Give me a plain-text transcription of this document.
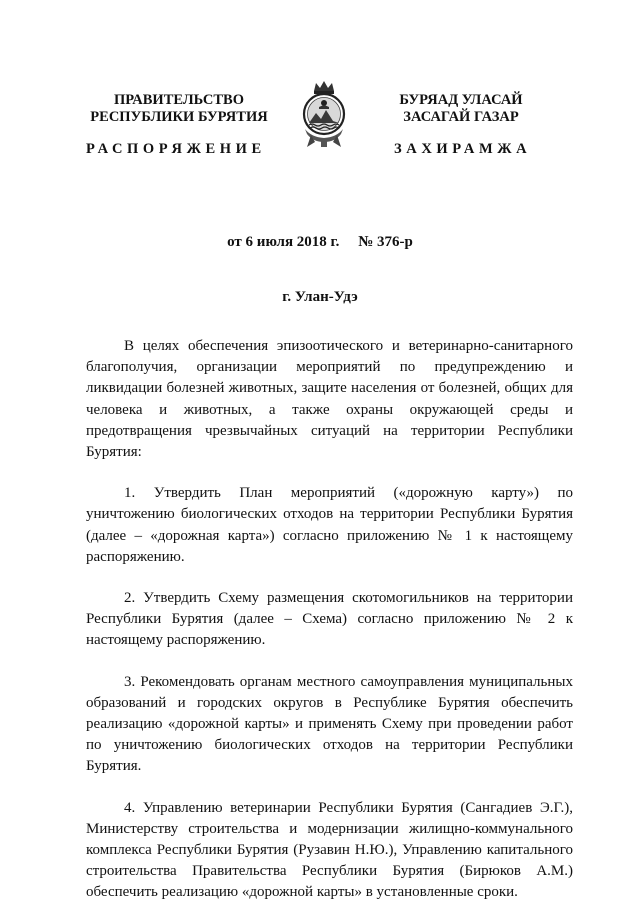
ПРАВИТЕЛЬСТВО
РЕСПУБЛИКИ БУРЯТИЯ
БУРЯАД УЛАСАЙ
ЗАСАГАЙ ГАЗАР
РАСПОРЯЖЕНИЕ	ЗАХИРАМЖА
от 6 июля 2018 г. № 376-р
г. Улан-Удэ

В целях обеспечения эпизоотического и ветеринарно-санитарного благополучия, организации мероприятий по предупреждению и ликвидации болезней животных, защите населения от болезней, общих для человека и животных, а также охраны окружающей среды и предотвращения чрезвычайных ситуаций на территории Республики Бурятия:

1. Утвердить План мероприятий («дорожную карту») по уничтожению биологических отходов на территории Республики Бурятия (далее – «дорожная карта») согласно приложению № 1 к настоящему распоряжению.

2. Утвердить Схему размещения скотомогильников на территории Республики Бурятия (далее – Схема) согласно приложению № 2 к настоящему распоряжению.

3. Рекомендовать органам местного самоуправления муниципальных образований и городских округов в Республике Бурятия обеспечить реализацию «дорожной карты» и применять Схему при проведении работ по уничтожению биологических отходов на территории Республики Бурятия.

4. Управлению ветеринарии Республики Бурятия (Сангадиев Э.Г.), Министерству строительства и модернизации жилищно-коммунального комплекса Республики Бурятия (Рузавин Н.Ю.), Управлению капитального строительства Правительства Республики Бурятия (Бирюков А.М.) обеспечить реализацию «дорожной карты» в установленные сроки.
